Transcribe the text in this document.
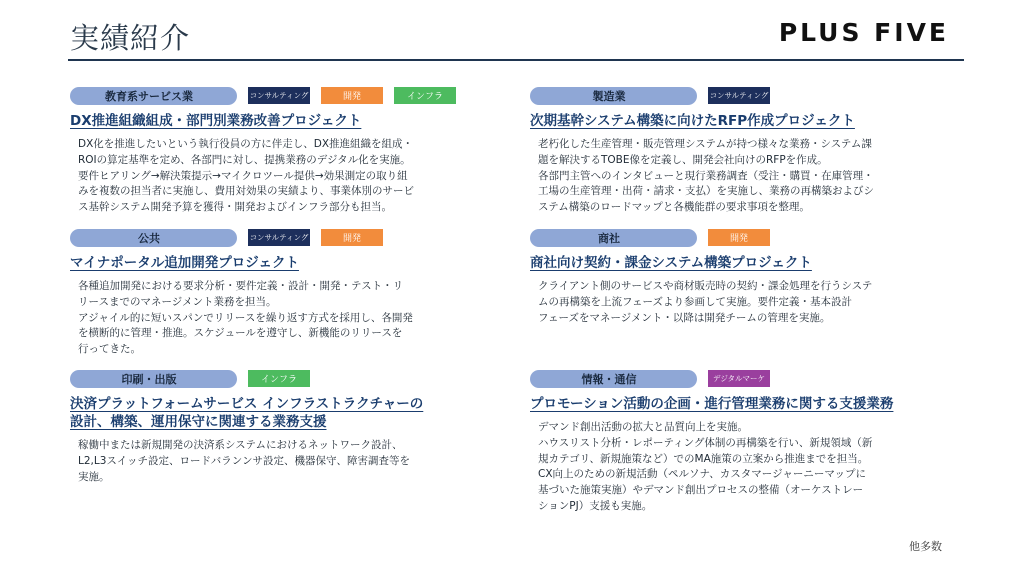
実績紹介	PLUS FIVE
教育系サービス業	コンサルティング	開発	インフラ
DX推進組織組成・部門別業務改善プロジェクト

DX化を推進したいという執行役員の方に伴走し、DX推進組織を組成・
ROIの算定基準を定め、各部門に対し、提携業務のデジタル化を実施。
要件ヒアリング→解決策提示→マイクロツール提供→効果測定の取り組
みを複数の担当者に実施し、費用対効果の実績より、事業体別のサービ
ス基幹システム開発予算を獲得・開発およびインフラ部分も担当。

製造業	コンサルティング
次期基幹システム構築に向けたRFP作成プロジェクト

老朽化した生産管理・販売管理システムが持つ様々な業務・システム課
題を解決するTOBE像を定義し、開発会社向けのRFPを作成。
各部門主管へのインタビューと現行業務調査（受注・購買・在庫管理・
工場の生産管理・出荷・請求・支払）を実施し、業務の再構築およびシ
ステム構築のロードマップと各機能群の要求事項を整理。

公共	コンサルティング	開発
マイナポータル追加開発プロジェクト

各種追加開発における要求分析・要件定義・設計・開発・テスト・リ
リースまでのマネージメント業務を担当。
アジャイル的に短いスパンでリリースを繰り返す方式を採用し、各開発
を横断的に管理・推進。スケジュールを遵守し、新機能のリリースを
行ってきた。

商社	開発
商社向け契約・課金システム構築プロジェクト

クライアント側のサービスや商材販売時の契約・課金処理を行うシステ
ムの再構築を上流フェーズより参画して実施。要件定義・基本設計
フェーズをマネージメント・以降は開発チームの管理を実施。

印刷・出版	インフラ
決済プラットフォームサービス インフラストラクチャーの
設計、構築、運用保守に関連する業務支援

稼働中または新規開発の決済系システムにおけるネットワーク設計、
L2,L3スイッチ設定、ロードバランンサ設定、機器保守、障害調査等を
実施。

情報・通信	デジタルマーケ
プロモーション活動の企画・進行管理業務に関する支援業務

デマンド創出活動の拡大と品質向上を実施。
ハウスリスト分析・レポーティング体制の再構築を行い、新規領域（新
規カテゴリ、新規施策など）でのMA施策の立案から推進までを担当。
CX向上のための新規活動（ペルソナ、カスタマージャーニーマップに
基づいた施策実施）やデマンド創出プロセスの整備（オーケストレー
ションPJ）支援も実施。

他多数
